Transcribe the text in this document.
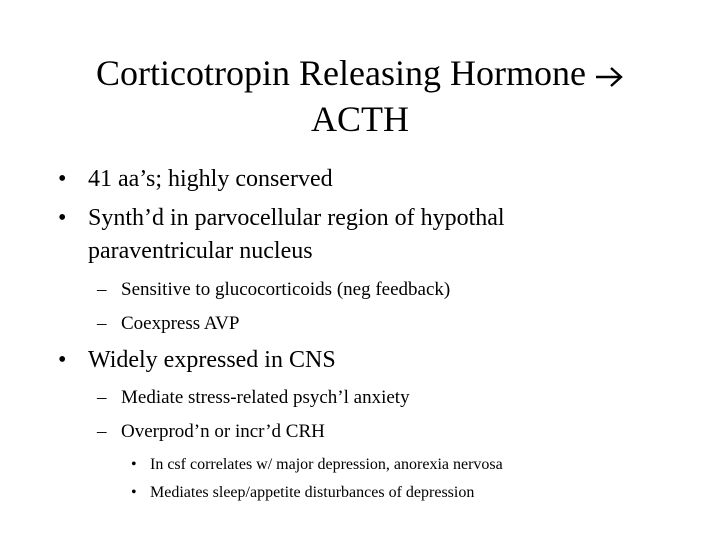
Corticotropin Releasing Hormone
ACTH
• 41 aa’s; highly conserved
• Synth’d in parvocellular region of hypothal
paraventricular nucleus
– Sensitive to glucocorticoids (neg feedback)
– Coexpress AVP
• Widely expressed in CNS
– Mediate stress-related psych’l anxiety
– Overprod’n or incr’d CRH
• In csf correlates w/ major depression, anorexia nervosa
• Mediates sleep/appetite disturbances of depression
